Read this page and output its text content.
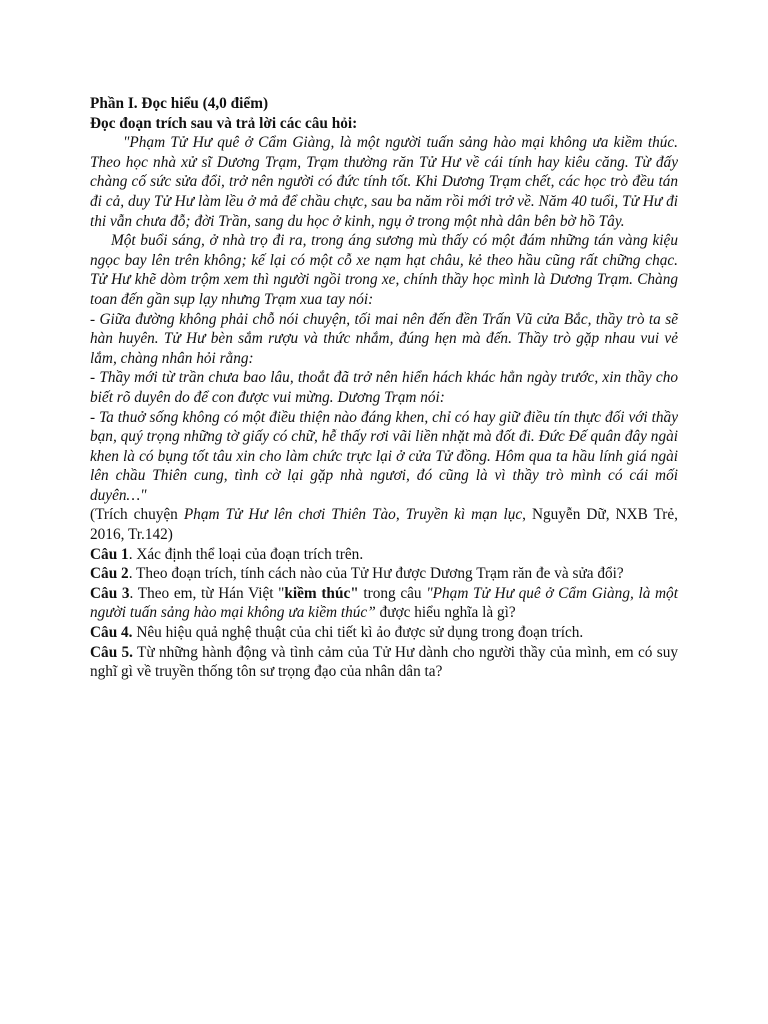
Phần I. Đọc hiểu (4,0 điểm)
Đọc đoạn trích sau và trả lời các câu hỏi:

"Phạm Tử Hư quê ở Cẩm Giàng, là một người tuấn sảng hào mại không ưa kiềm thúc. Theo học nhà xử sĩ Dương Trạm, Trạm thường răn Tử Hư về cái tính hay kiêu căng. Từ đấy chàng cố sức sửa đổi, trở nên người có đức tính tốt. Khi Dương Trạm chết, các học trò đều tán đi cả, duy Tử Hư làm lều ở mả để chầu chực, sau ba năm rồi mới trở về. Năm 40 tuổi, Tử Hư đi thi vẫn chưa đỗ; đời Trần, sang du học ở kinh, ngụ ở trong một nhà dân bên bờ hồ Tây.

Một buổi sáng, ở nhà trọ đi ra, trong áng sương mù thấy có một đám những tán vàng kiệu ngọc bay lên trên không; kế lại có một cỗ xe nạm hạt châu, kẻ theo hầu cũng rất chững chạc. Tử Hư khẽ dòm trộm xem thì người ngồi trong xe, chính thầy học mình là Dương Trạm. Chàng toan đến gần sụp lạy nhưng Trạm xua tay nói:

- Giữa đường không phải chỗ nói chuyện, tối mai nên đến đền Trấn Vũ cửa Bắc, thầy trò ta sẽ hàn huyên. Tử Hư bèn sắm rượu và thức nhắm, đúng hẹn mà đến. Thầy trò gặp nhau vui vẻ lắm, chàng nhân hỏi rằng:

- Thầy mới từ trần chưa bao lâu, thoắt đã trở nên hiển hách khác hẳn ngày trước, xin thầy cho biết rõ duyên do để con được vui mừng. Dương Trạm nói:

- Ta thuở sống không có một điều thiện nào đáng khen, chỉ có hay giữ điều tín thực đối với thầy bạn, quý trọng những tờ giấy có chữ, hễ thấy rơi vãi liền nhặt mà đốt đi. Đức Đế quân đây ngài khen là có bụng tốt tâu xin cho làm chức trực lại ở cửa Tử đồng. Hôm qua ta hầu lính giá ngài lên chầu Thiên cung, tình cờ lại gặp nhà ngươi, đó cũng là vì thầy trò mình có cái mối duyên…"

(Trích chuyện Phạm Tử Hư lên chơi Thiên Tào, Truyền kì mạn lục, Nguyễn Dữ, NXB Trẻ, 2016, Tr.142)

Câu 1. Xác định thể loại của đoạn trích trên.

Câu 2. Theo đoạn trích, tính cách nào của Tử Hư được Dương Trạm răn đe và sửa đổi?

Câu 3. Theo em, từ Hán Việt "kiềm thúc" trong câu "Phạm Tử Hư quê ở Cẩm Giàng, là một người tuấn sảng hào mại không ưa kiềm thúc” được hiểu nghĩa là gì?

Câu 4. Nêu hiệu quả nghệ thuật của chi tiết kì ảo được sử dụng trong đoạn trích.

Câu 5. Từ những hành động và tình cảm của Tử Hư dành cho người thầy của mình, em có suy nghĩ gì về truyền thống tôn sư trọng đạo của nhân dân ta?
